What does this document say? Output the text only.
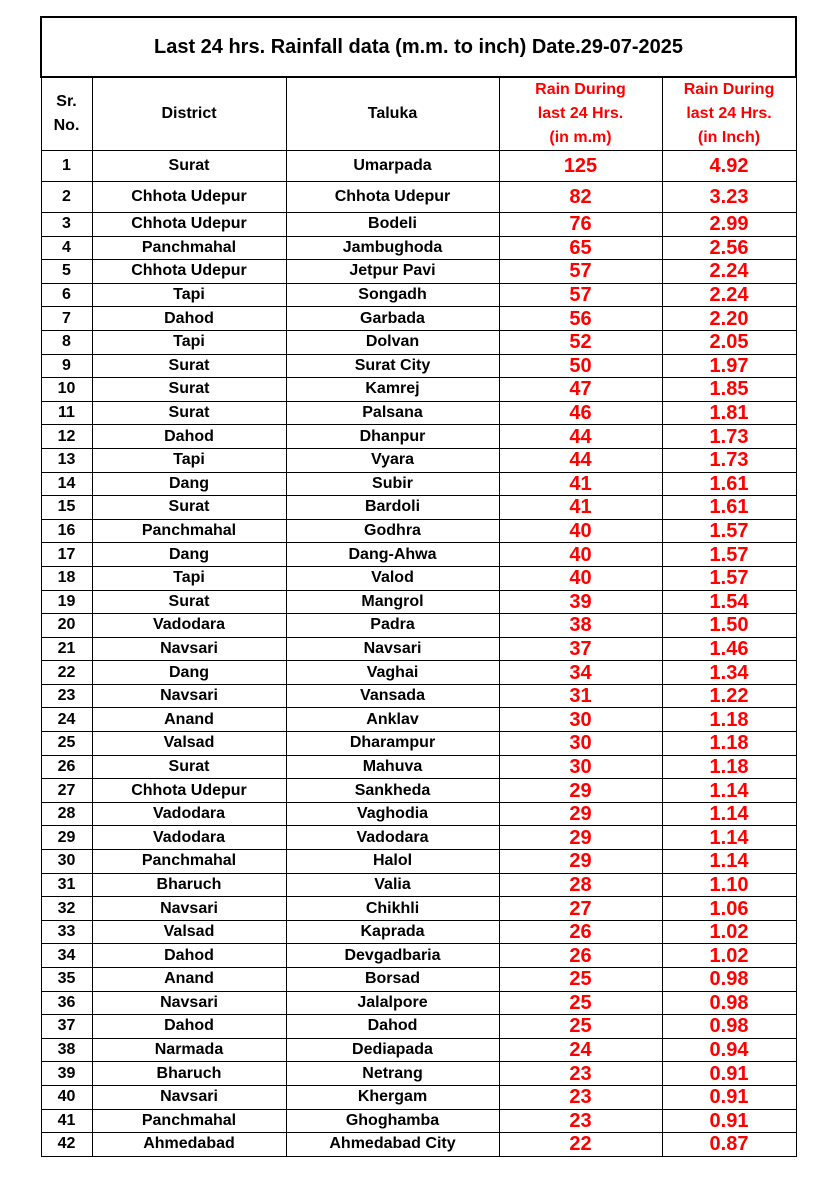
Last 24 hrs. Rainfall data (m.m. to inch) Date.29-07-2025				
Sr.
No.	District	Taluka	Rain During
last 24 Hrs.
(in m.m)	Rain During
last 24 Hrs.
(in Inch)
1	Surat	Umarpada	125	4.92
2	Chhota Udepur	Chhota Udepur	82	3.23
3	Chhota Udepur	Bodeli	76	2.99
4	Panchmahal	Jambughoda	65	2.56
5	Chhota Udepur	Jetpur Pavi	57	2.24
6	Tapi	Songadh	57	2.24
7	Dahod	Garbada	56	2.20
8	Tapi	Dolvan	52	2.05
9	Surat	Surat City	50	1.97
10	Surat	Kamrej	47	1.85
11	Surat	Palsana	46	1.81
12	Dahod	Dhanpur	44	1.73
13	Tapi	Vyara	44	1.73
14	Dang	Subir	41	1.61
15	Surat	Bardoli	41	1.61
16	Panchmahal	Godhra	40	1.57
17	Dang	Dang-Ahwa	40	1.57
18	Tapi	Valod	40	1.57
19	Surat	Mangrol	39	1.54
20	Vadodara	Padra	38	1.50
21	Navsari	Navsari	37	1.46
22	Dang	Vaghai	34	1.34
23	Navsari	Vansada	31	1.22
24	Anand	Anklav	30	1.18
25	Valsad	Dharampur	30	1.18
26	Surat	Mahuva	30	1.18
27	Chhota Udepur	Sankheda	29	1.14
28	Vadodara	Vaghodia	29	1.14
29	Vadodara	Vadodara	29	1.14
30	Panchmahal	Halol	29	1.14
31	Bharuch	Valia	28	1.10
32	Navsari	Chikhli	27	1.06
33	Valsad	Kaprada	26	1.02
34	Dahod	Devgadbaria	26	1.02
35	Anand	Borsad	25	0.98
36	Navsari	Jalalpore	25	0.98
37	Dahod	Dahod	25	0.98
38	Narmada	Dediapada	24	0.94
39	Bharuch	Netrang	23	0.91
40	Navsari	Khergam	23	0.91
41	Panchmahal	Ghoghamba	23	0.91
42	Ahmedabad	Ahmedabad City	22	0.87
